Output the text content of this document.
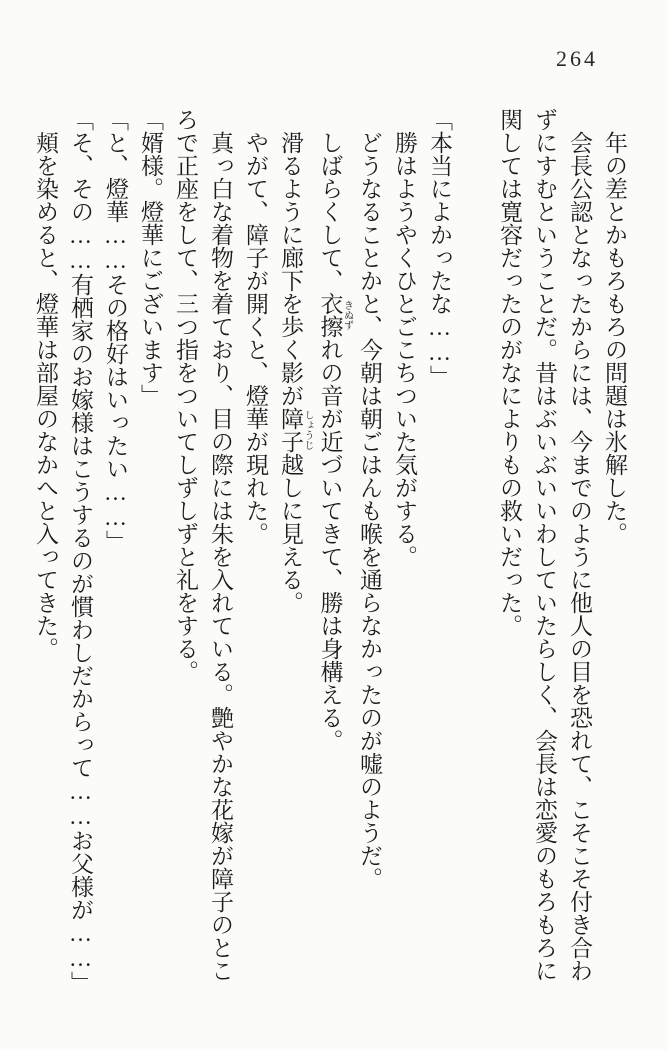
264
年の差とかもろもろの問題は氷解した。
会長公認となったからには、今までのように他人の目を恐れて、こそこそ付き合わ
ずにすむということだ。昔はぶいぶいいわしていたらしく、会長は恋愛のもろもろに
関しては寛容だったのがなによりもの救いだった。
「本当によかったな……」
勝はようやくひとごこちついた気がする。
どうなることかと、今朝は朝ごはんも喉を通らなかったのが嘘のようだ。
しばらくして、衣擦 きぬずれの音が近づいてきて、勝は身構える。
滑るように廊下を歩く影が障子 しょうじ越しに見える。
やがて、障子が開くと、燈華が現れた。
真っ白な着物を着ており、目の際には朱を入れている。艶やかな花嫁が障子のとこ
ろで正座をして、三つ指をついてしずしずと礼をする。
「婿様。燈華にございます」
「と、燈華……その格好はいったい……」
「そ、その……有栖家のお嫁様はこうするのが慣わしだからって……お父様が……」
頬を染めると、燈華は部屋のなかへと入ってきた。
